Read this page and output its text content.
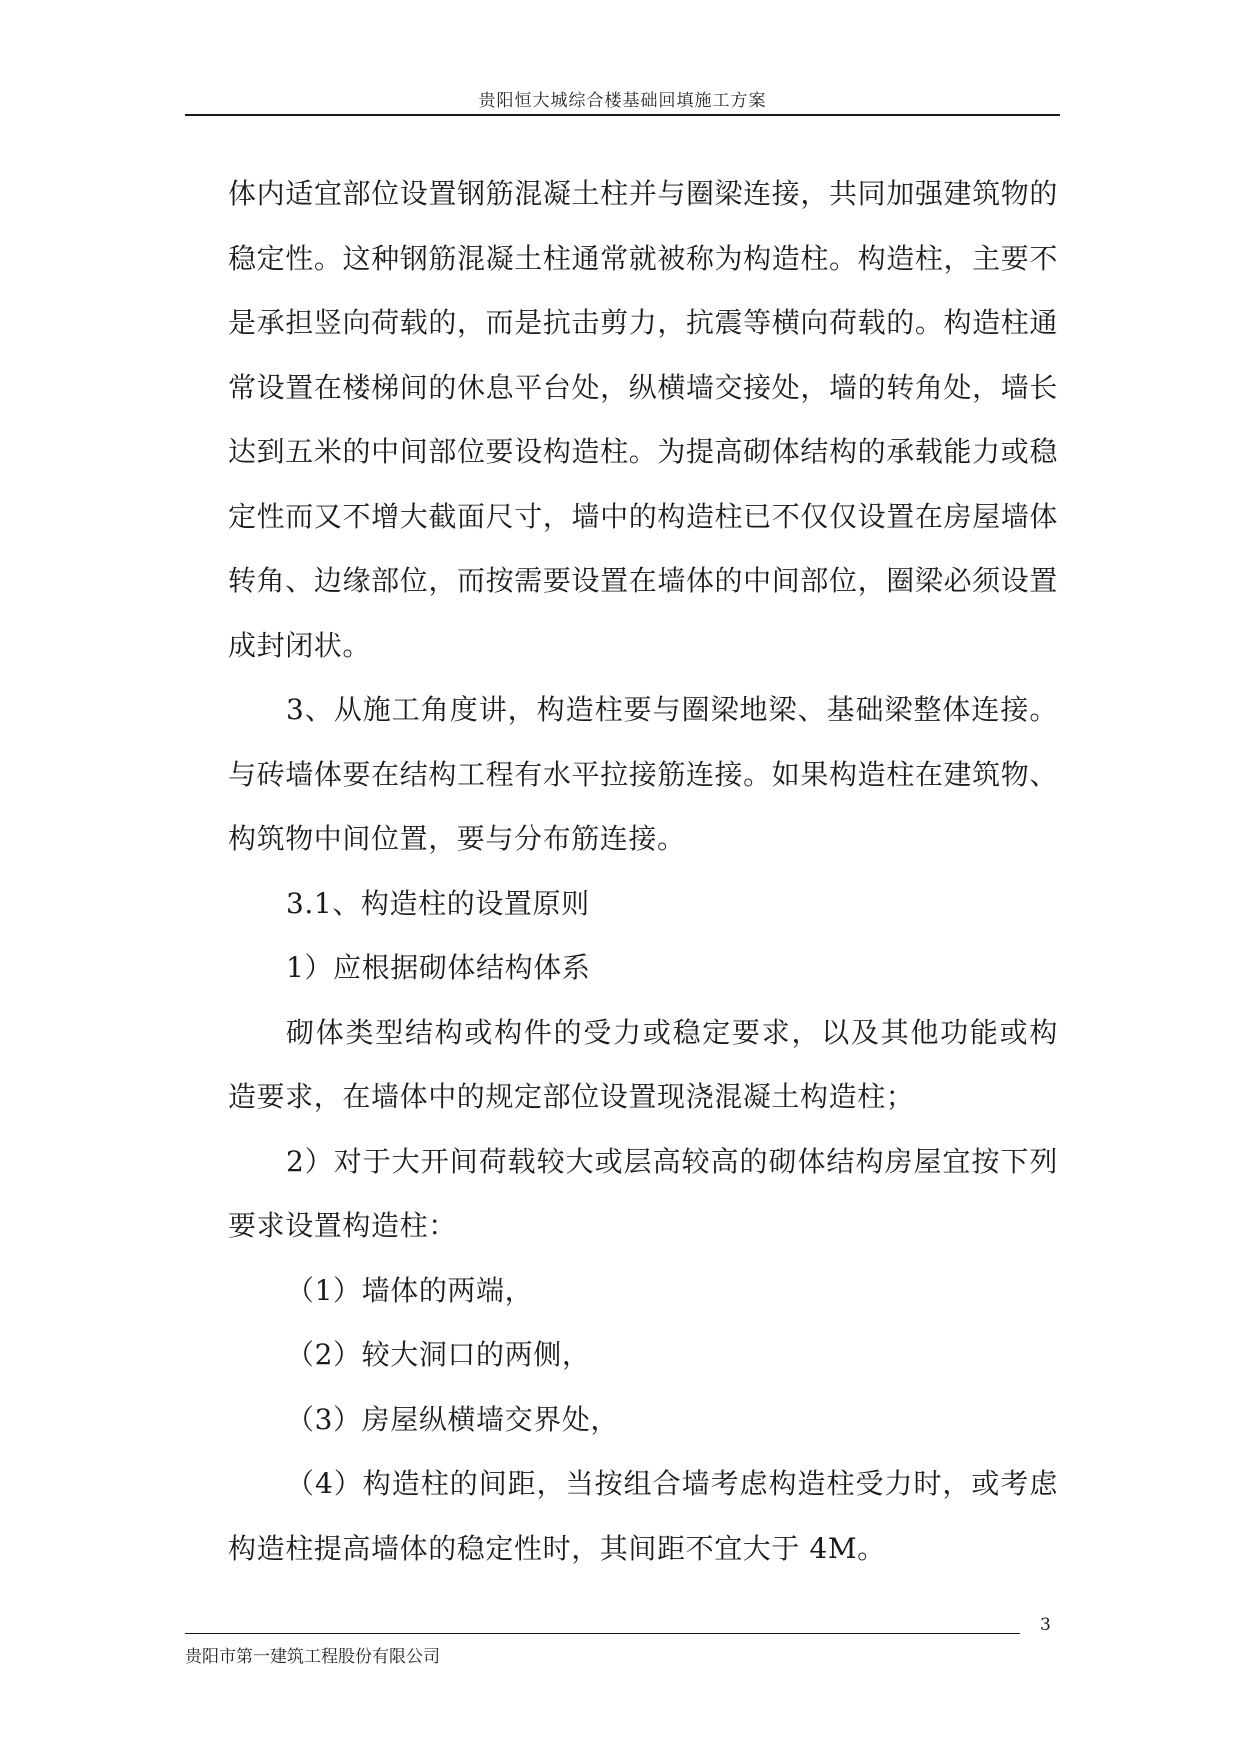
贵阳恒大城综合楼基础回填施工方案

体内适宜部位设置钢筋混凝土柱并与圈梁连接，共同加强建筑物的稳定性。这种钢筋混凝土柱通常就被称为构造柱。构造柱，主要不是承担竖向荷载的，而是抗击剪力，抗震等横向荷载的。构造柱通常设置在楼梯间的休息平台处，纵横墙交接处，墙的转角处，墙长达到五米的中间部位要设构造柱。为提高砌体结构的承载能力或稳定性而又不增大截面尺寸，墙中的构造柱已不仅仅设置在房屋墙体转角、边缘部位，而按需要设置在墙体的中间部位，圈梁必须设置成封闭状。

3、从施工角度讲，构造柱要与圈梁地梁、基础梁整体连接。与砖墙体要在结构工程有水平拉接筋连接。如果构造柱在建筑物、构筑物中间位置，要与分布筋连接。

3.1、构造柱的设置原则

1）应根据砌体结构体系

砌体类型结构或构件的受力或稳定要求，以及其他功能或构造要求，在墙体中的规定部位设置现浇混凝土构造柱；

2）对于大开间荷载较大或层高较高的砌体结构房屋宜按下列要求设置构造柱：

（1）墙体的两端，

（2）较大洞口的两侧，

（3）房屋纵横墙交界处，

（4）构造柱的间距，当按组合墙考虑构造柱受力时，或考虑构造柱提高墙体的稳定性时，其间距不宜大于 4M。

3
贵阳市第一建筑工程股份有限公司
